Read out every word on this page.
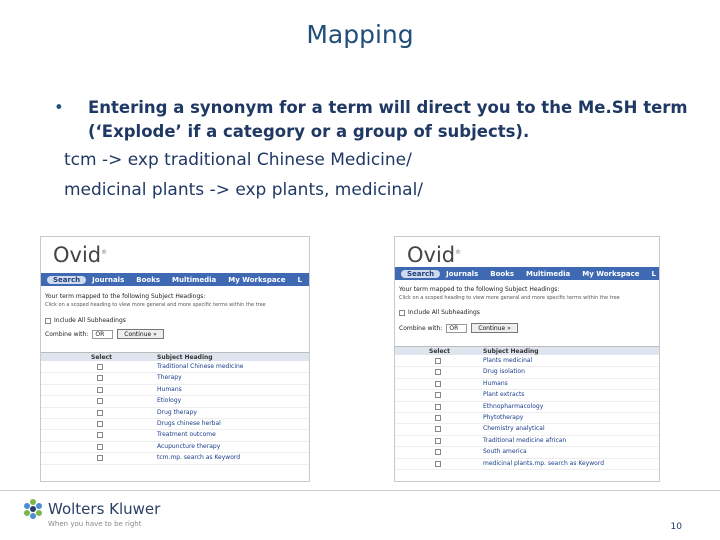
Mapping
•	Entering a synonym for a term will direct you to the Me.SH term (‘Explode’ if a category or a group of subjects).
tcm -> exp traditional Chinese Medicine/
medicinal plants -> exp plants, medicinal/
Ovid®
Search	Journals	Books	Multimedia	My Workspace	L
Your term mapped to the following Subject Headings:
Click on a scoped heading to view more general and more specific terms within the tree
Include All Subheadings
Combine with:	OR	Continue »
Select	Subject Heading
Traditional Chinese medicine
Therapy
Humans
Etiology
Drug therapy
Drugs chinese herbal
Treatment outcome
Acupuncture therapy
tcm.mp. search as Keyword
Ovid®
Search	Journals	Books	Multimedia	My Workspace	L
Your term mapped to the following Subject Headings:
Click on a scoped heading to view more general and more specific terms within the tree
Include All Subheadings
Combine with:	OR	Continue »
Select	Subject Heading
Plants medicinal
Drug isolation
Humans
Plant extracts
Ethnopharmacology
Phytotherapy
Chemistry analytical
Traditional medicine african
South america
medicinal plants.mp. search as Keyword
Wolters Kluwer
When you have to be right	10
